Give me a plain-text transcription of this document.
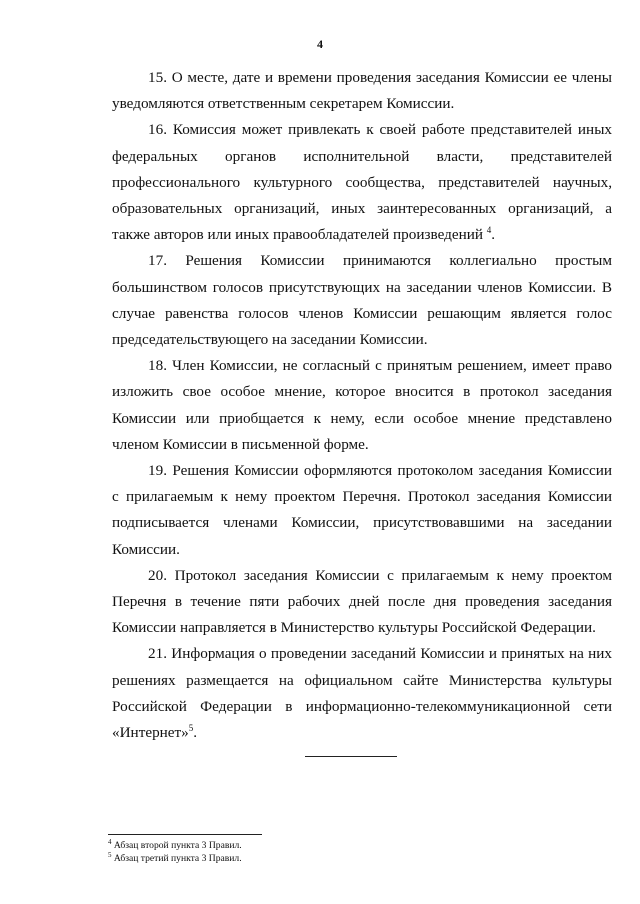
4

15. О месте, дате и времени проведения заседания Комиссии ее члены уведомляются ответственным секретарем Комиссии.

16. Комиссия может привлекать к своей работе представителей иных федеральных органов исполнительной власти, представителей профессионального культурного сообщества, представителей научных, образовательных организаций, иных заинтересованных организаций, а также авторов или иных правообладателей произведений $^4$.

17. Решения Комиссии принимаются коллегиально простым большинством голосов присутствующих на заседании членов Комиссии. В случае равенства голосов членов Комиссии решающим является голос председательствующего на заседании Комиссии.

18. Член Комиссии, не согласный с принятым решением, имеет право изложить свое особое мнение, которое вносится в протокол заседания Комиссии или приобщается к нему, если особое мнение представлено членом Комиссии в письменной форме.

19. Решения Комиссии оформляются протоколом заседания Комиссии с прилагаемым к нему проектом Перечня. Протокол заседания Комиссии подписывается членами Комиссии, присутствовавшими на заседании Комиссии.

20. Протокол заседания Комиссии с прилагаемым к нему проектом Перечня в течение пяти рабочих дней после дня проведения заседания Комиссии направляется в Министерство культуры Российской Федерации.

21. Информация о проведении заседаний Комиссии и принятых на них решениях размещается на официальном сайте Министерства культуры Российской Федерации в информационно-телекоммуникационной сети «Интернет»$^5$.

$^4$ Абзац второй пункта 3 Правил.

$^5$ Абзац третий пункта 3 Правил.
